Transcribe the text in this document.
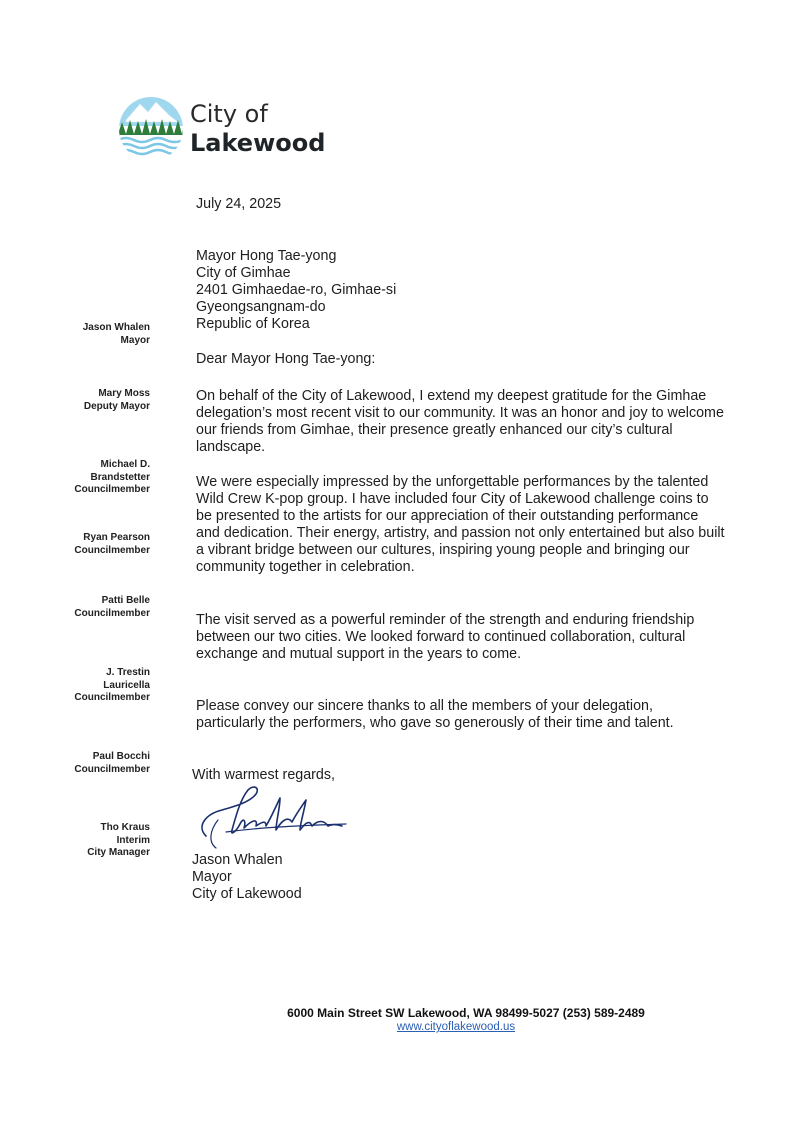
City of
Lakewood
Jason Whalen
Mayor
Mary Moss
Deputy Mayor
Michael D.
Brandstetter
Councilmember
Ryan Pearson
Councilmember
Patti Belle
Councilmember
J. Trestin
Lauricella
Councilmember
Paul Bocchi
Councilmember
Tho Kraus
Interim
City Manager
July 24, 2025
Mayor Hong Tae-yong
City of Gimhae
2401 Gimhaedae-ro, Gimhae-si
Gyeongsangnam-do
Republic of Korea
Dear Mayor Hong Tae-yong:
On behalf of the City of Lakewood, I extend my deepest gratitude for the Gimhae delegation’s most recent visit to our community. It was an honor and joy to welcome our friends from Gimhae, their presence greatly enhanced our city’s cultural landscape.
We were especially impressed by the unforgettable performances by the talented Wild Crew K-pop group. I have included four City of Lakewood challenge coins to be presented to the artists for our appreciation of their outstanding performance and dedication. Their energy, artistry, and passion not only entertained but also built a vibrant bridge between our cultures, inspiring young people and bringing our community together in celebration.
The visit served as a powerful reminder of the strength and enduring friendship between our two cities. We looked forward to continued collaboration, cultural exchange and mutual support in the years to come.
Please convey our sincere thanks to all the members of your delegation, particularly the performers, who gave so generously of their time and talent.
With warmest regards,
Jason Whalen
Mayor
City of Lakewood
6000 Main Street SW Lakewood, WA 98499-5027 (253) 589-2489
www.cityoflakewood.us
